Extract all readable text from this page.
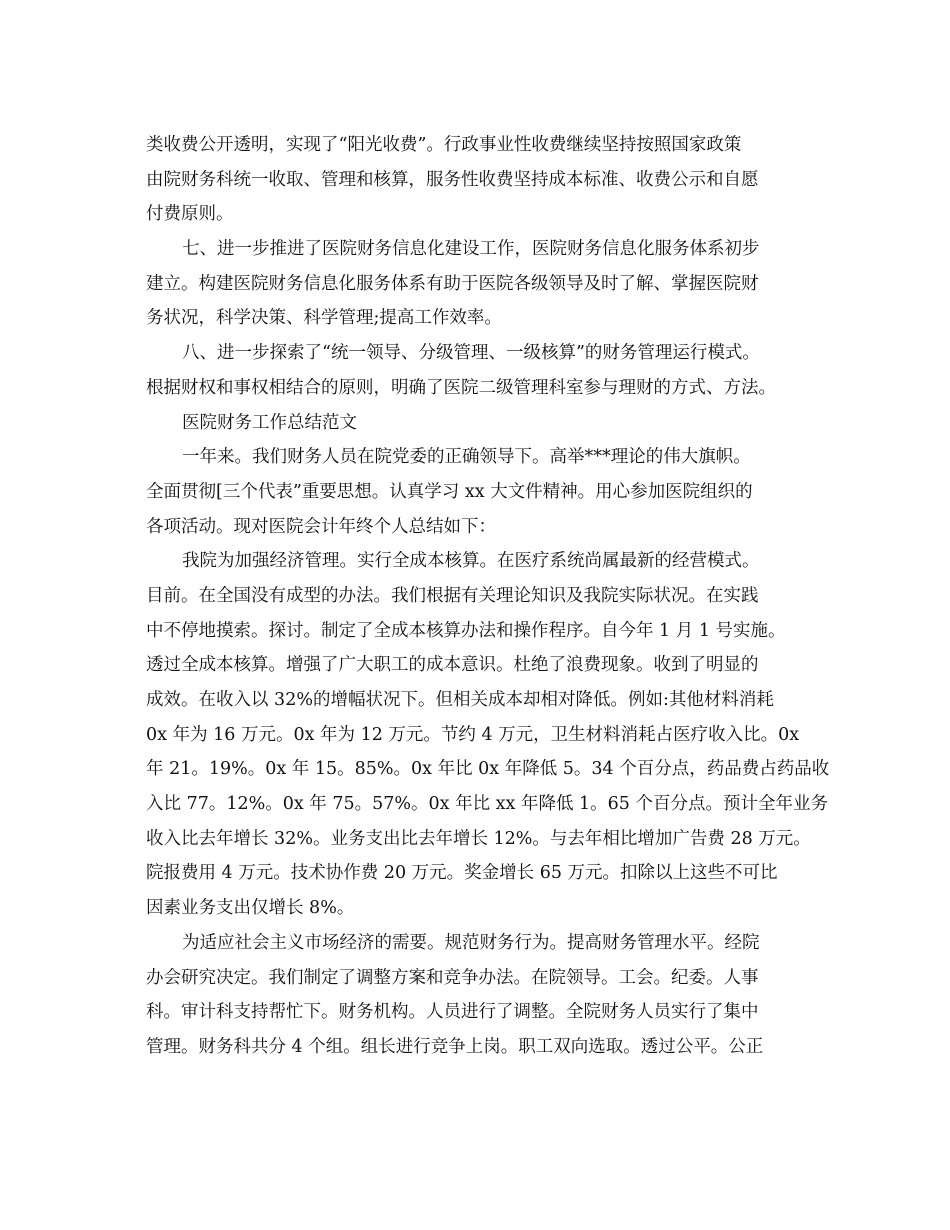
类收费公开透明，实现了“阳光收费”。行政事业性收费继续坚持按照国家政策
由院财务科统一收取、管理和核算，服务性收费坚持成本标准、收费公示和自愿
付费原则。
七、进一步推进了医院财务信息化建设工作，医院财务信息化服务体系初步
建立。构建医院财务信息化服务体系有助于医院各级领导及时了解、掌握医院财
务状况，科学决策、科学管理;提高工作效率。
八、进一步探索了“统一领导、分级管理、一级核算”的财务管理运行模式。
根据财权和事权相结合的原则，明确了医院二级管理科室参与理财的方式、方法。
医院财务工作总结范文
一年来。我们财务人员在院党委的正确领导下。高举***理论的伟大旗帜。
全面贯彻[三个代表”重要思想。认真学习 xx 大文件精神。用心参加医院组织的
各项活动。现对医院会计年终个人总结如下：
我院为加强经济管理。实行全成本核算。在医疗系统尚属最新的经营模式。
目前。在全国没有成型的办法。我们根据有关理论知识及我院实际状况。在实践
中不停地摸索。探讨。制定了全成本核算办法和操作程序。自今年 1 月 1 号实施。
透过全成本核算。增强了广大职工的成本意识。杜绝了浪费现象。收到了明显的
成效。在收入以 32%的增幅状况下。但相关成本却相对降低。例如:其他材料消耗
0x 年为 16 万元。0x 年为 12 万元。节约 4 万元，卫生材料消耗占医疗收入比。0x
年 21。19%。0x 年 15。85%。0x 年比 0x 年降低 5。34 个百分点，药品费占药品收
入比 77。12%。0x 年 75。57%。0x 年比 xx 年降低 1。65 个百分点。预计全年业务
收入比去年增长 32%。业务支出比去年增长 12%。与去年相比增加广告费 28 万元。
院报费用 4 万元。技术协作费 20 万元。奖金增长 65 万元。扣除以上这些不可比
因素业务支出仅增长 8%。
为适应社会主义市场经济的需要。规范财务行为。提高财务管理水平。经院
办会研究决定。我们制定了调整方案和竞争办法。在院领导。工会。纪委。人事
科。审计科支持帮忙下。财务机构。人员进行了调整。全院财务人员实行了集中
管理。财务科共分 4 个组。组长进行竞争上岗。职工双向选取。透过公平。公正
